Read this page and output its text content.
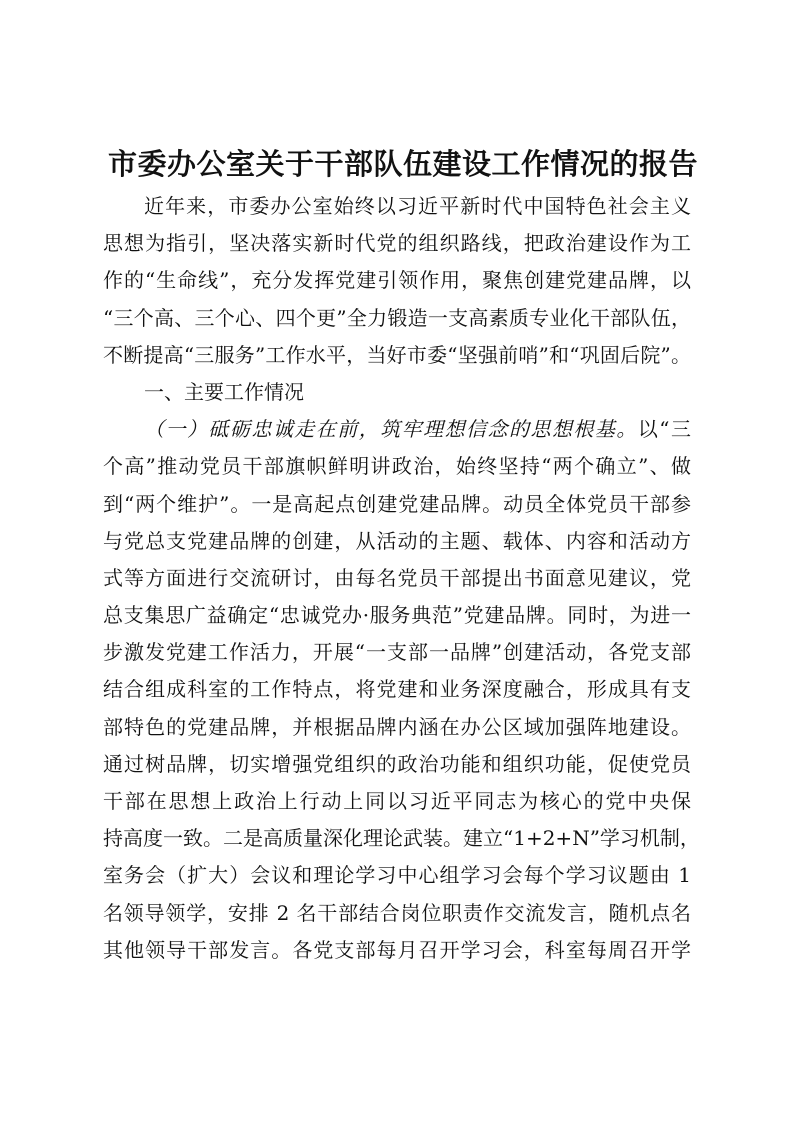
市委办公室关于干部队伍建设工作情况的报告
近年来，市委办公室始终以习近平新时代中国特色社会主义
思想为指引，坚决落实新时代党的组织路线，把政治建设作为工
作的“生命线”，充分发挥党建引领作用，聚焦创建党建品牌，以
“三个高、三个心、四个更”全力锻造一支高素质专业化干部队伍，
不断提高“三服务”工作水平，当好市委“坚强前哨”和“巩固后院”。
一、主要工作情况
（一）砥砺忠诚走在前，筑牢理想信念的思想根基。以“三
个高”推动党员干部旗帜鲜明讲政治，始终坚持“两个确立”、做
到“两个维护”。一是高起点创建党建品牌。动员全体党员干部参
与党总支党建品牌的创建，从活动的主题、载体、内容和活动方
式等方面进行交流研讨，由每名党员干部提出书面意见建议，党
总支集思广益确定“忠诚党办·服务典范”党建品牌。同时，为进一
步激发党建工作活力，开展“一支部一品牌”创建活动，各党支部
结合组成科室的工作特点，将党建和业务深度融合，形成具有支
部特色的党建品牌，并根据品牌内涵在办公区域加强阵地建设。
通过树品牌，切实增强党组织的政治功能和组织功能，促使党员
干部在思想上政治上行动上同以习近平同志为核心的党中央保
持高度一致。二是高质量深化理论武装。建立“1+2+N”学习机制，
室务会（扩大）会议和理论学习中心组学习会每个学习议题由 1
名领导领学，安排 2 名干部结合岗位职责作交流发言，随机点名
其他领导干部发言。各党支部每月召开学习会，科室每周召开学
